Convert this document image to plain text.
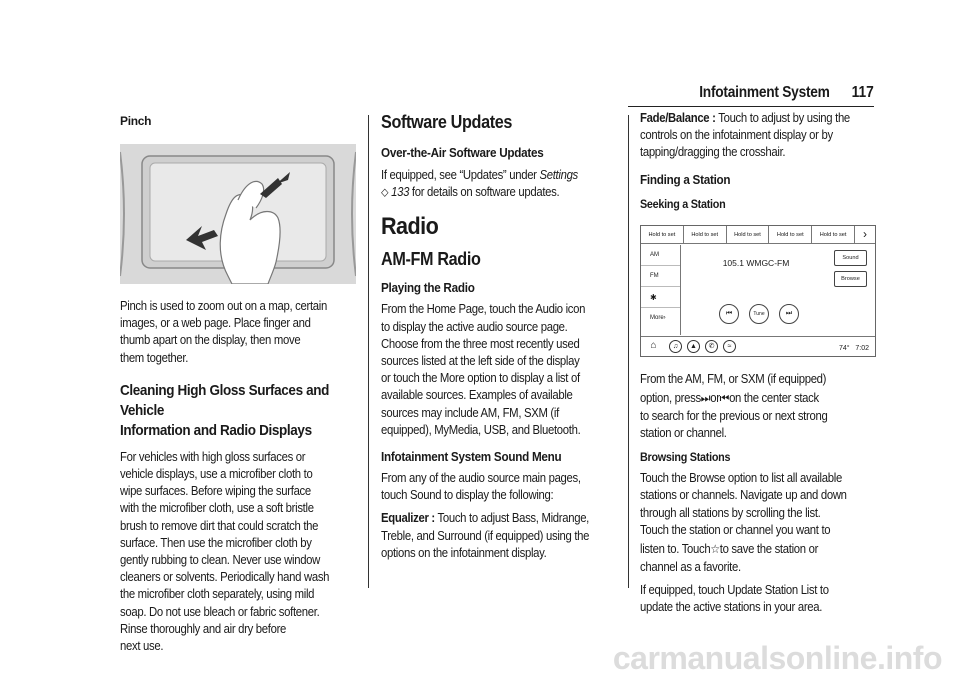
Infotainment System 117
Pinch
Pinch is used to zoom out on a map, certain
images, or a web page. Place finger and
thumb apart on the display, then move
them together.
Cleaning High Gloss Surfaces and Vehicle
Information and Radio Displays
For vehicles with high gloss surfaces or
vehicle displays, use a microfiber cloth to
wipe surfaces. Before wiping the surface
with the microfiber cloth, use a soft bristle
brush to remove dirt that could scratch the
surface. Then use the microfiber cloth by
gently rubbing to clean. Never use window
cleaners or solvents. Periodically hand wash
the microfiber cloth separately, using mild
soap. Do not use bleach or fabric softener.
Rinse thoroughly and air dry before
next use.
Software Updates
Over-the-Air Software Updates
If equipped, see “Updates” under Settings
⬦ 133 for details on software updates.
Radio
AM-FM Radio
Playing the Radio
From the Home Page, touch the Audio icon
to display the active audio source page.
Choose from the three most recently used
sources listed at the left side of the display
or touch the More option to display a list of
available sources. Examples of available
sources may include AM, FM, SXM (if
equipped), MyMedia, USB, and Bluetooth.
Infotainment System Sound Menu
From any of the audio source main pages,
touch Sound to display the following:
Equalizer : Touch to adjust Bass, Midrange,
Treble, and Surround (if equipped) using the
options on the infotainment display.
Fade/Balance : Touch to adjust by using the
controls on the infotainment display or by
tapping/dragging the crosshair.
Finding a Station
Seeking a Station
Hold to set	Hold to set	Hold to set	Hold to set	Hold to set	›
AM
FM
✱
More›
105.1 WMGC-FM	Sound
Browse
⏮	Tune	⏭
⌂	♫	▲	✆	≈	74° 7:02
From the AM, FM, or SXM (if equipped)
option, press⏭or⏮on the center stack
to search for the previous or next strong
station or channel.
Browsing Stations
Touch the Browse option to list all available
stations or channels. Navigate up and down
through all stations by scrolling the list.
Touch the station or channel you want to
listen to. Touch☆to save the station or
channel as a favorite.
If equipped, touch Update Station List to
update the active stations in your area.
carmanualsonline.info
